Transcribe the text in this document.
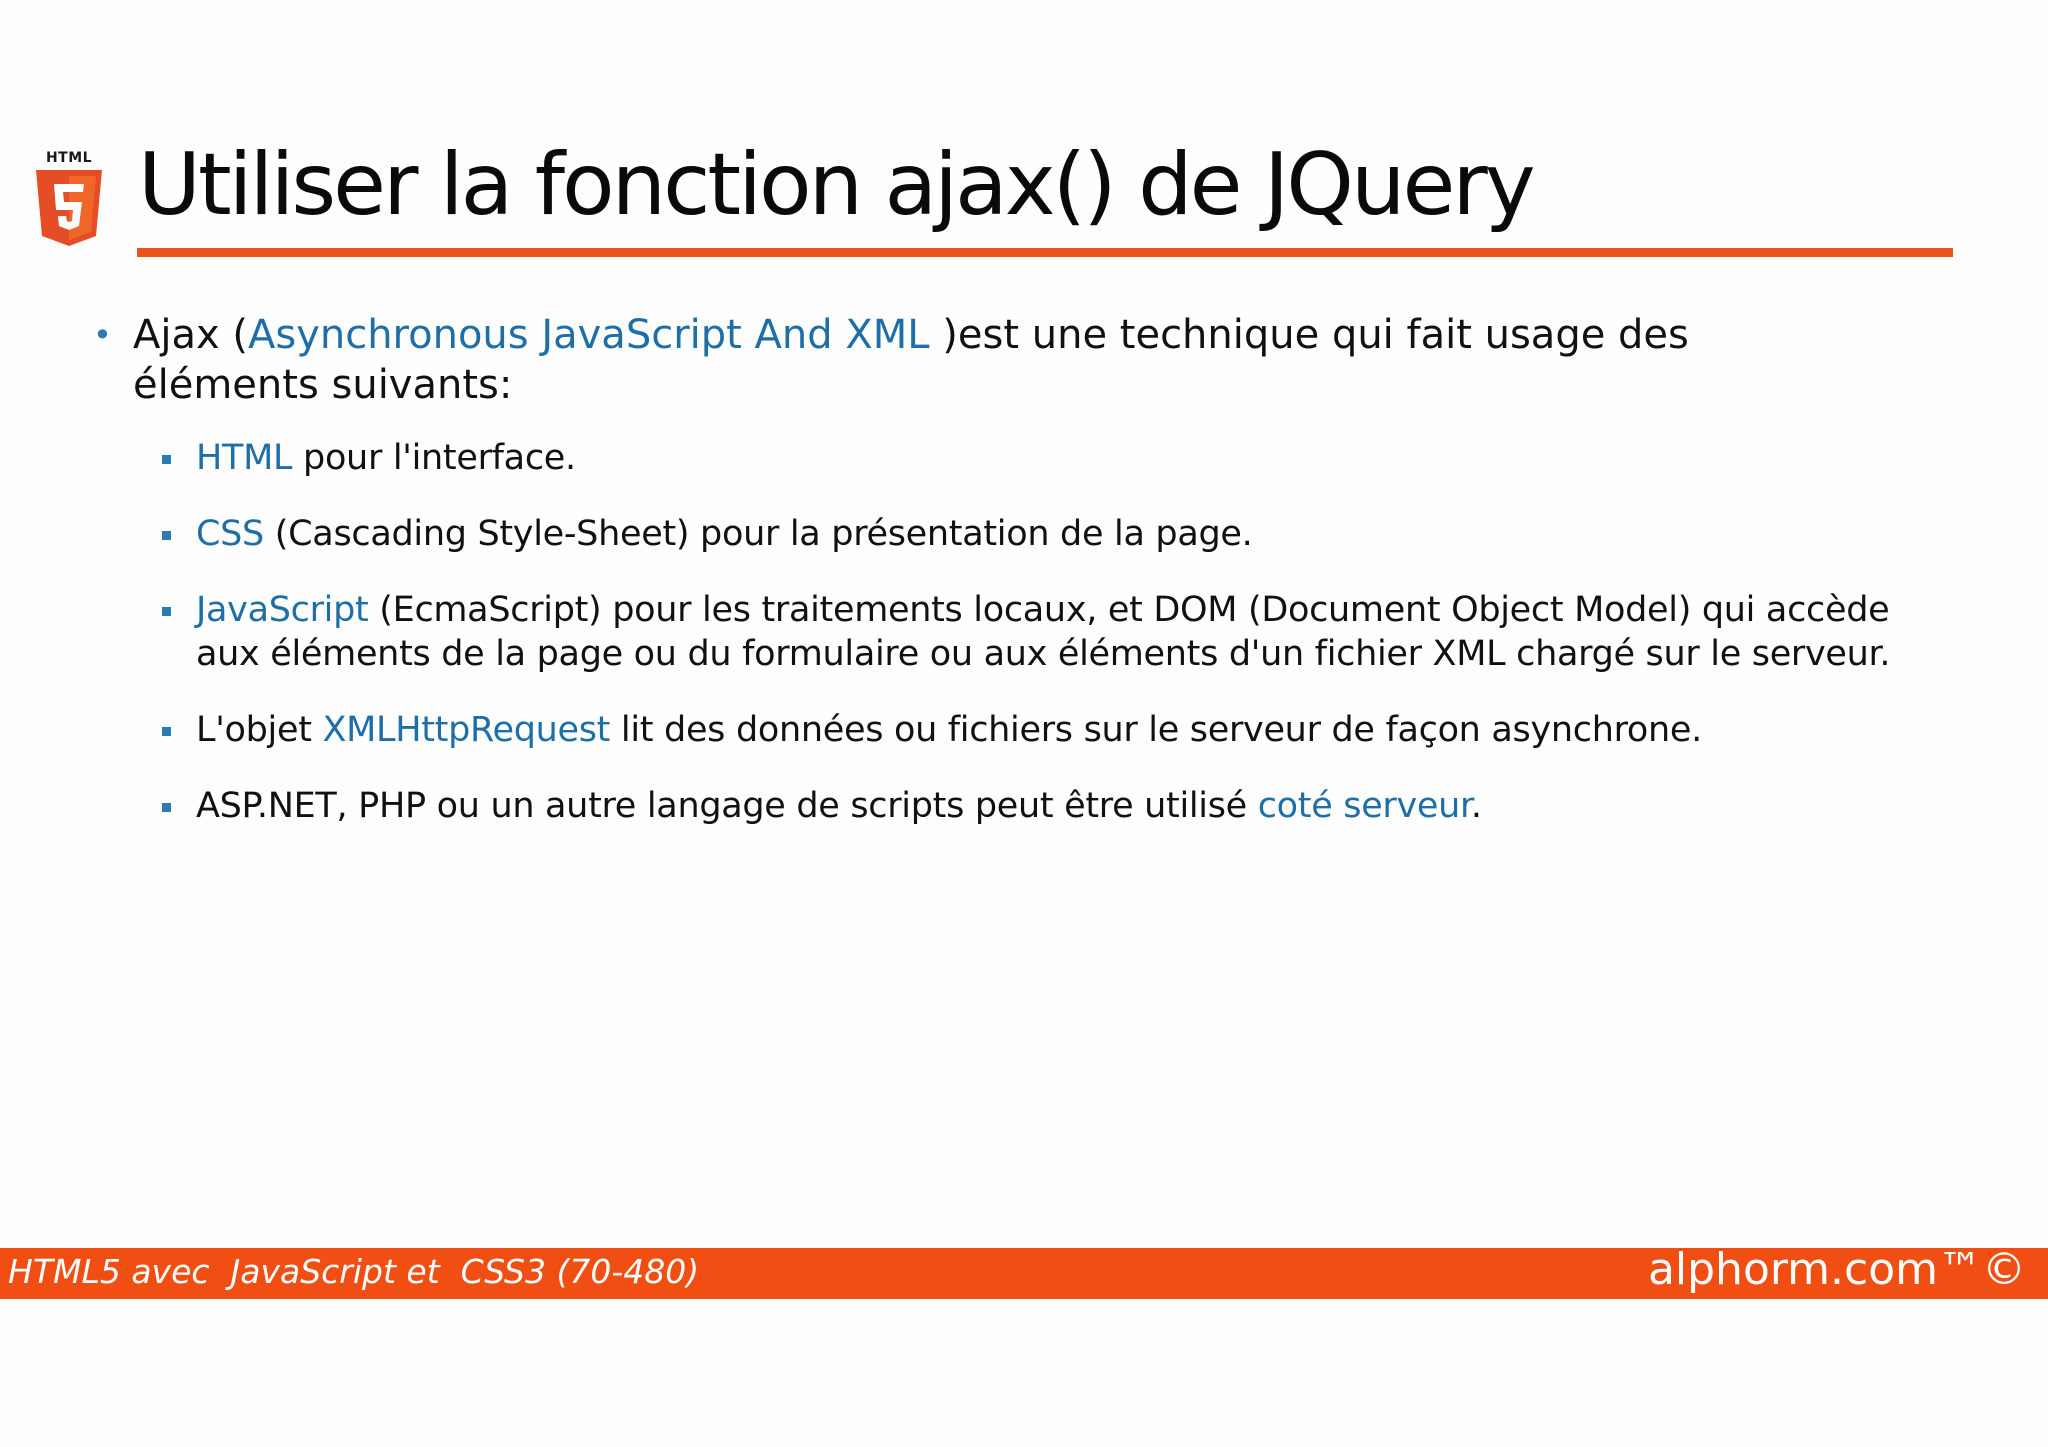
HTML Utiliser la fonction ajax() de JQuery
• Ajax (Asynchronous JavaScript And XML )est une technique qui fait usage des éléments suivants:
HTML pour l'interface.
CSS (Cascading Style-Sheet) pour la présentation de la page.
JavaScript (EcmaScript) pour les traitements locaux, et DOM (Document Object Model) qui accède aux éléments de la page ou du formulaire ou aux éléments d'un fichier XML chargé sur le serveur.
L'objet XMLHttpRequest lit des données ou fichiers sur le serveur de façon asynchrone.
ASP.NET, PHP ou un autre langage de scripts peut être utilisé coté serveur.
HTML5 avec  JavaScript et  CSS3 (70-480)	alphorm.com™©
